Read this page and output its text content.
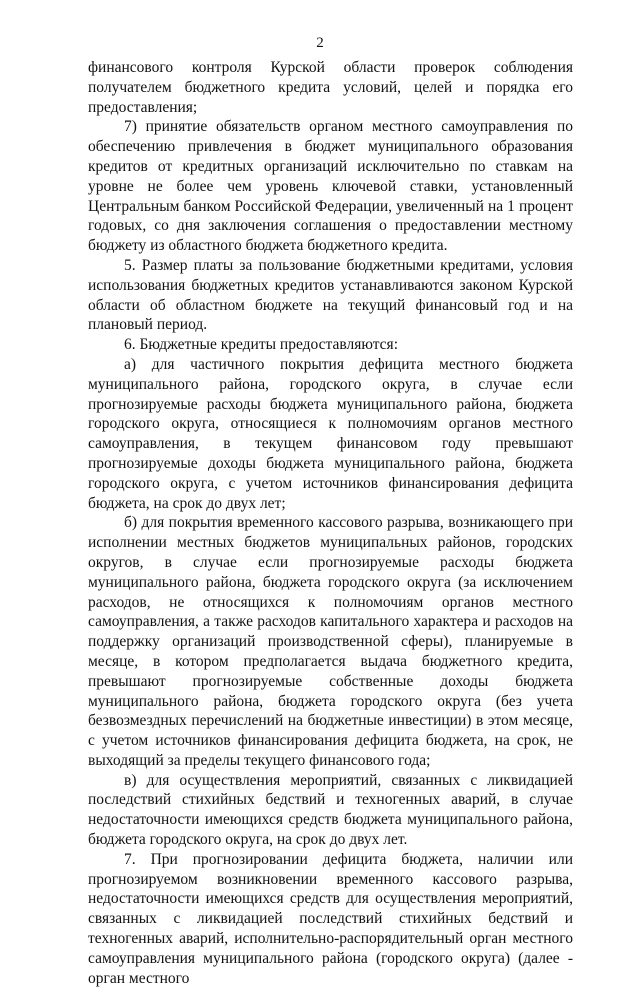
2

финансового контроля Курской области проверок соблюдения получателем бюджетного кредита условий, целей и порядка его предоставления;

7) принятие обязательств органом местного самоуправления по обеспечению привлечения в бюджет муниципального образования кредитов от кредитных организаций исключительно по ставкам на уровне не более чем уровень ключевой ставки, установленный Центральным банком Российской Федерации, увеличенный на 1 процент годовых, со дня заключения соглашения о предоставлении местному бюджету из областного бюджета бюджетного кредита.

5. Размер платы за пользование бюджетными кредитами, условия использования бюджетных кредитов устанавливаются законом Курской области об областном бюджете на текущий финансовый год и на плановый период.

6. Бюджетные кредиты предоставляются:

а) для частичного покрытия дефицита местного бюджета муниципального района, городского округа, в случае если прогнозируемые расходы бюджета муниципального района, бюджета городского округа, относящиеся к полномочиям органов местного самоуправления, в текущем финансовом году превышают прогнозируемые доходы бюджета муниципального района, бюджета городского округа, с учетом источников финансирования дефицита бюджета, на срок до двух лет;

б) для покрытия временного кассового разрыва, возникающего при исполнении местных бюджетов муниципальных районов, городских округов, в случае если прогнозируемые расходы бюджета муниципального района, бюджета городского округа (за исключением расходов, не относящихся к полномочиям органов местного самоуправления, а также расходов капитального характера и расходов на поддержку организаций производственной сферы), планируемые в месяце, в котором предполагается выдача бюджетного кредита, превышают прогнозируемые собственные доходы бюджета муниципального района, бюджета городского округа (без учета безвозмездных перечислений на бюджетные инвестиции) в этом месяце, с учетом источников финансирования дефицита бюджета, на срок, не выходящий за пределы текущего финансового года;

в) для осуществления мероприятий, связанных с ликвидацией последствий стихийных бедствий и техногенных аварий, в случае недостаточности имеющихся средств бюджета муниципального района, бюджета городского округа, на срок до двух лет.

7. При прогнозировании дефицита бюджета, наличии или прогнозируемом возникновении временного кассового разрыва, недостаточности имеющихся средств для осуществления мероприятий, связанных с ликвидацией последствий стихийных бедствий и техногенных аварий, исполнительно-распорядительный орган местного самоуправления муниципального района (городского округа) (далее - орган местного
